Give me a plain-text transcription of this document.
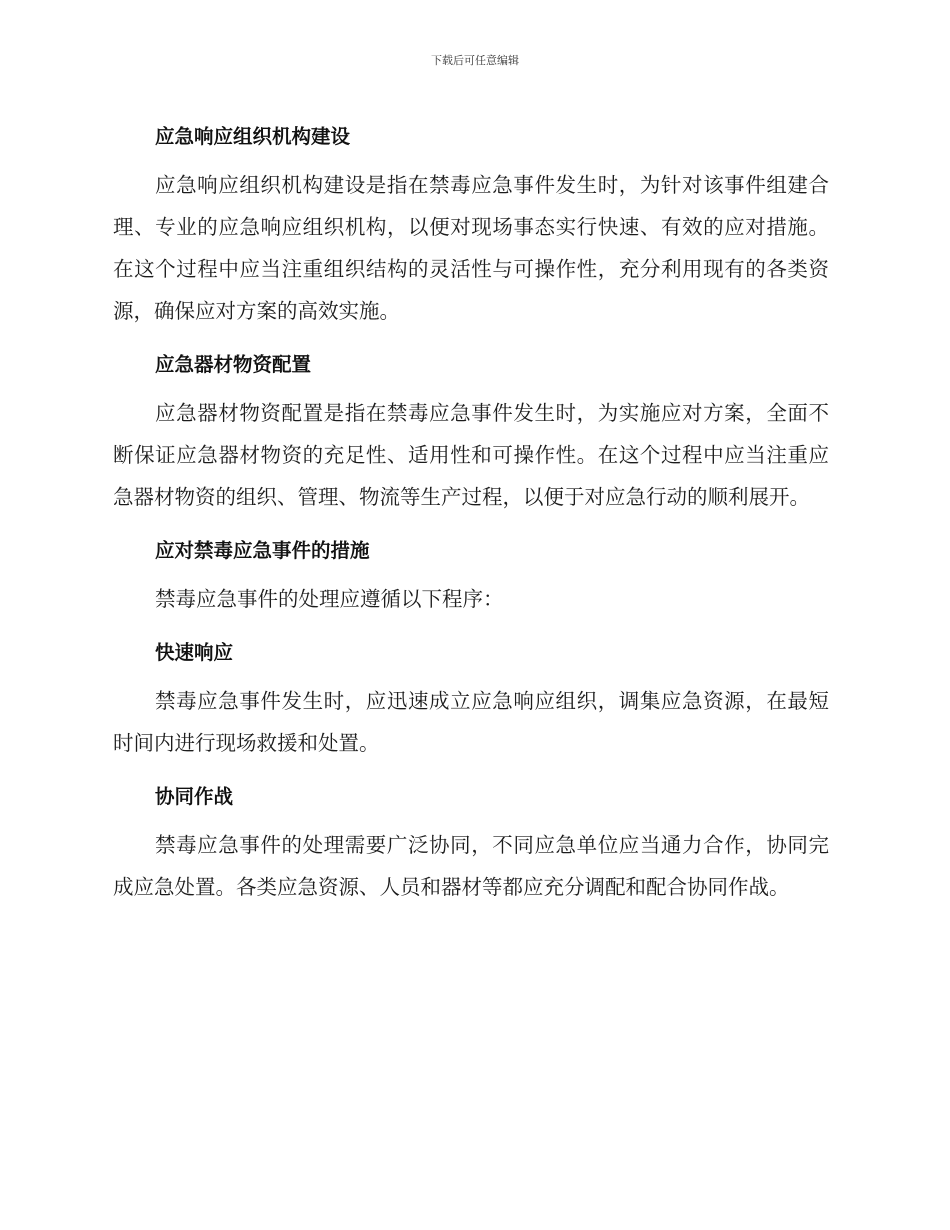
下载后可任意编辑
应急响应组织机构建设

应急响应组织机构建设是指在禁毒应急事件发生时，为针对该事件组建合理、专业的应急响应组织机构，以便对现场事态实行快速、有效的应对措施。在这个过程中应当注重组织结构的灵活性与可操作性，充分利用现有的各类资源，确保应对方案的高效实施。

应急器材物资配置

应急器材物资配置是指在禁毒应急事件发生时，为实施应对方案，全面不断保证应急器材物资的充足性、适用性和可操作性。在这个过程中应当注重应急器材物资的组织、管理、物流等生产过程，以便于对应急行动的顺利展开。

应对禁毒应急事件的措施

禁毒应急事件的处理应遵循以下程序：

快速响应

禁毒应急事件发生时，应迅速成立应急响应组织，调集应急资源，在最短时间内进行现场救援和处置。

协同作战

禁毒应急事件的处理需要广泛协同，不同应急单位应当通力合作，协同完成应急处置。各类应急资源、人员和器材等都应充分调配和配合协同作战。
